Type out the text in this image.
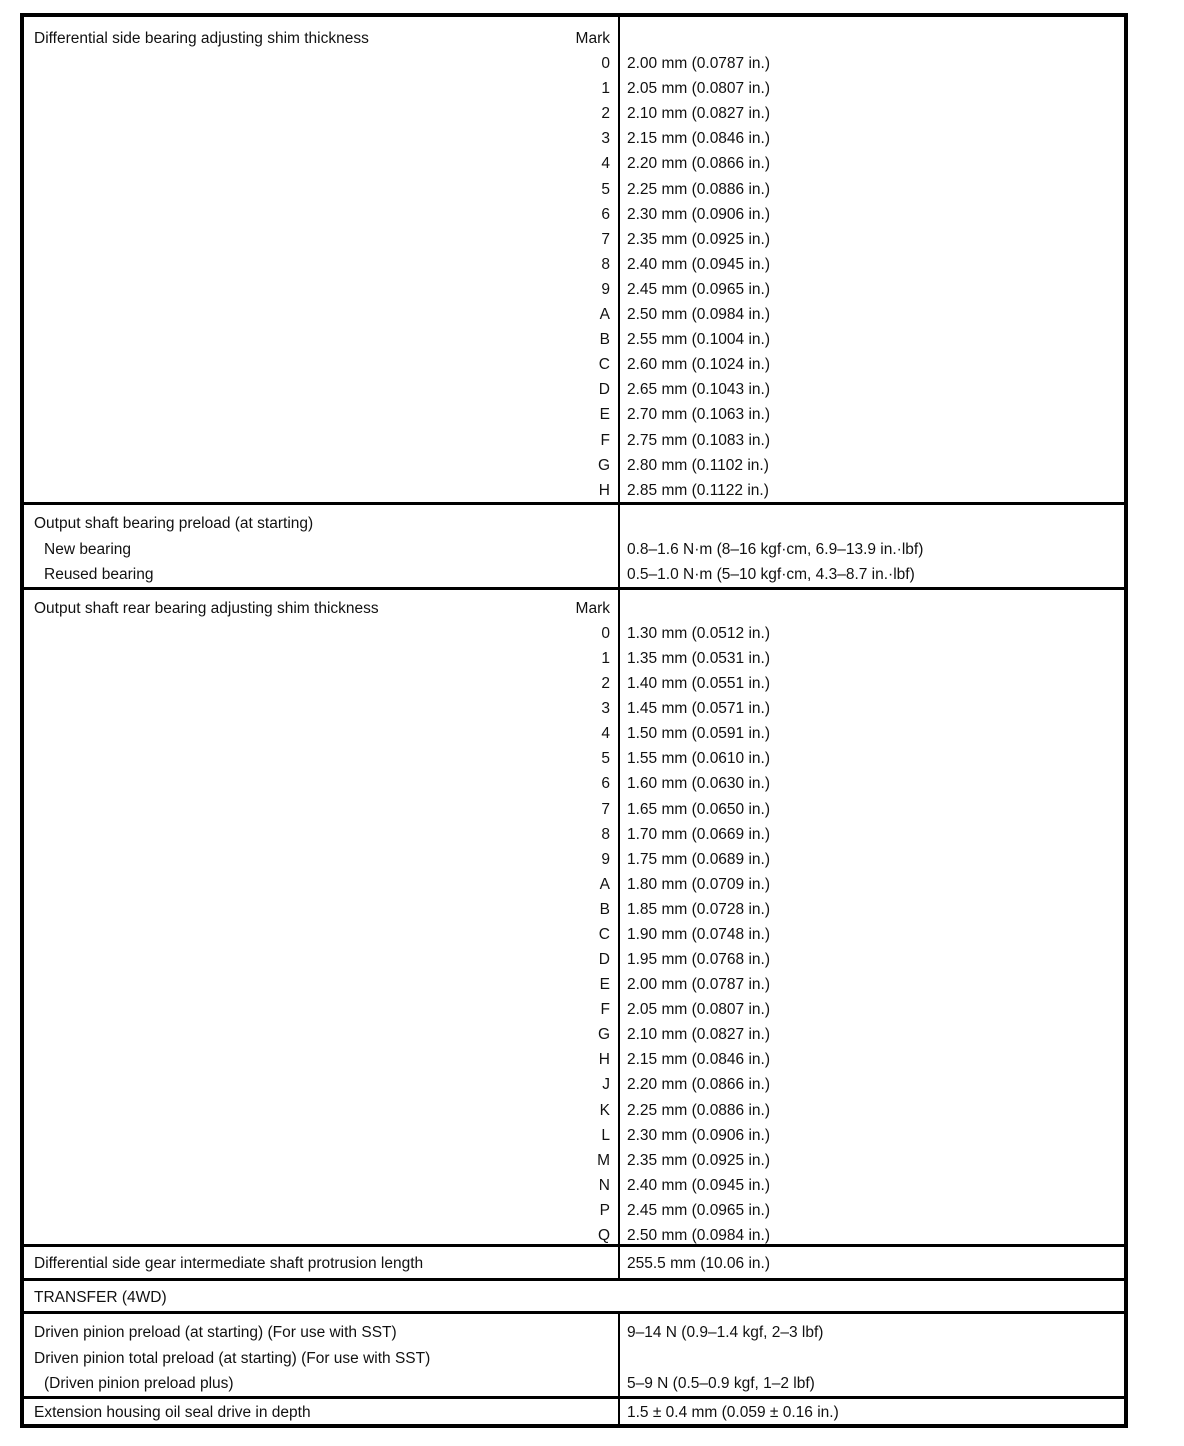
Differential side bearing adjusting shim thickness	Mark
0 2.00 mm (0.0787 in.)
1 2.05 mm (0.0807 in.)
2 2.10 mm (0.0827 in.)
3 2.15 mm (0.0846 in.)
4 2.20 mm (0.0866 in.)
5 2.25 mm (0.0886 in.)
6 2.30 mm (0.0906 in.)
7 2.35 mm (0.0925 in.)
8 2.40 mm (0.0945 in.)
9 2.45 mm (0.0965 in.)
A 2.50 mm (0.0984 in.)
B 2.55 mm (0.1004 in.)
C 2.60 mm (0.1024 in.)
D 2.65 mm (0.1043 in.)
E 2.70 mm (0.1063 in.)
F 2.75 mm (0.1083 in.)
G 2.80 mm (0.1102 in.)
H 2.85 mm (0.1122 in.)
Output shaft bearing preload (at starting)
New bearing	0.8–1.6 N·m (8–16 kgf·cm, 6.9–13.9 in.·lbf)
Reused bearing	0.5–1.0 N·m (5–10 kgf·cm, 4.3–8.7 in.·lbf)
Output shaft rear bearing adjusting shim thickness	Mark
0 1.30 mm (0.0512 in.)
1 1.35 mm (0.0531 in.)
2 1.40 mm (0.0551 in.)
3 1.45 mm (0.0571 in.)
4 1.50 mm (0.0591 in.)
5 1.55 mm (0.0610 in.)
6 1.60 mm (0.0630 in.)
7 1.65 mm (0.0650 in.)
8 1.70 mm (0.0669 in.)
9 1.75 mm (0.0689 in.)
A 1.80 mm (0.0709 in.)
B 1.85 mm (0.0728 in.)
C 1.90 mm (0.0748 in.)
D 1.95 mm (0.0768 in.)
E 2.00 mm (0.0787 in.)
F 2.05 mm (0.0807 in.)
G 2.10 mm (0.0827 in.)
H 2.15 mm (0.0846 in.)
J 2.20 mm (0.0866 in.)
K 2.25 mm (0.0886 in.)
L 2.30 mm (0.0906 in.)
M 2.35 mm (0.0925 in.)
N 2.40 mm (0.0945 in.)
P 2.45 mm (0.0965 in.)
Q 2.50 mm (0.0984 in.)
Differential side gear intermediate shaft protrusion length	255.5 mm (10.06 in.)
TRANSFER (4WD)
Driven pinion preload (at starting) (For use with SST)	9–14 N (0.9–1.4 kgf, 2–3 lbf)
Driven pinion total preload (at starting) (For use with SST)
(Driven pinion preload plus)	5–9 N (0.5–0.9 kgf, 1–2 lbf)
Extension housing oil seal drive in depth	1.5 ± 0.4 mm (0.059 ± 0.16 in.)
